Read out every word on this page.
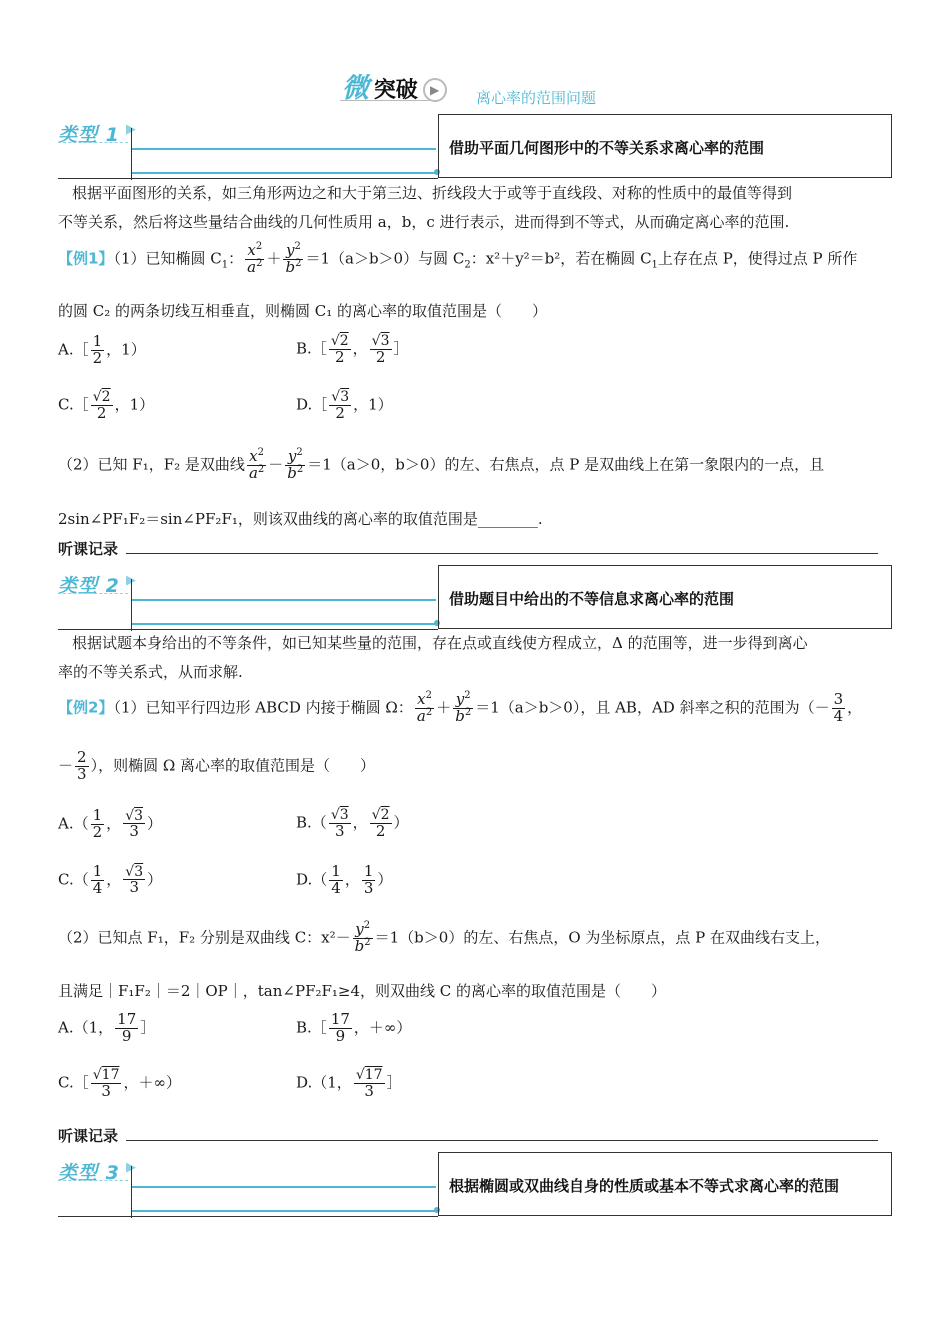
微 突破 ▶	离心率的范围问题
类型 1 ▶
借助平面几何图形中的不等关系求离心率的范围
根据平面图形的关系，如三角形两边之和大于第三边、折线段大于或等于直线段、对称的性质中的最值等得到
不等关系，然后将这些量结合曲线的几何性质用 a，b，c 进行表示，进而得到不等式，从而确定离心率的范围.
【例1】（1）已知椭圆 $C_1$： $\frac{x^2}{a^2} + \frac{y^2}{b^2} =1(a>b>0)$与圆 $C_2$：x²＋y²＝b²，若在椭圆 $C_1$上存在点 P，使得过点 P 所作
的圆 C₂ 的两条切线互相垂直，则椭圆 C₁ 的离心率的取值范围是（　　）
A.［ $\frac{1}{2}$ ，1）	B.［ $\frac{√2}{2}$ ， $\frac{√3}{2}$ ］
C.［ $\frac{√2}{2}$ ，1）	D.［ $\frac{√3}{2}$ ，1）
（2）已知 F₁，F₂ 是双曲线 $\frac{x^2}{a^2} - \frac{y^2}{b^2} =1(a>0$，b＞0）的左、右焦点，点 P 是双曲线上在第一象限内的一点，且
2sin∠PF₁F₂＝sin∠PF₂F₁，则该双曲线的离心率的取值范围是________.
听课记录
类型 2 ▶
借助题目中给出的不等信息求离心率的范围
根据试题本身给出的不等条件，如已知某些量的范围，存在点或直线使方程成立，Δ 的范围等，进一步得到离心
率的不等关系式，从而求解.
【例2】（1）已知平行四边形 ABCD 内接于椭圆 Ω： $\frac{x^2}{a^2} + \frac{y^2}{b^2} =1(a>b>0)$，且 AB，AD 斜率之积的范围为（－ $\frac{3}{4}$ ，
－ $\frac{2}{3}$ ），则椭圆 Ω 离心率的取值范围是（　　）
$A.( \frac{1}{2}$ ， $\frac{√3}{3}$ ）	$B.( \frac{√3}{3}$ ， $\frac{√2}{2}$ ）
$C.( \frac{1}{4}$ ， $\frac{√3}{3}$ ）	$D.( \frac{1}{4}$ ， $\frac{1}{3}$ ）
（2）已知点 F₁，F₂ 分别是双曲线 C：$x^2- \frac{y^2}{b^2} =1(b>0)$的左、右焦点，O 为坐标原点，点 P 在双曲线右支上，
且满足｜F₁F₂｜＝2｜OP｜，tan∠PF₂F₁≥4，则双曲线 C 的离心率的取值范围是（　　）
A.（1， $\frac{17}{9}$ ］	B.［ $\frac{17}{9}$ ，＋∞）
C.［ $\frac{√17}{3}$ ，＋∞）	D.（1， $\frac{√17}{3}$ ］
听课记录
类型 3 ▶
根据椭圆或双曲线自身的性质或基本不等式求离心率的范围
